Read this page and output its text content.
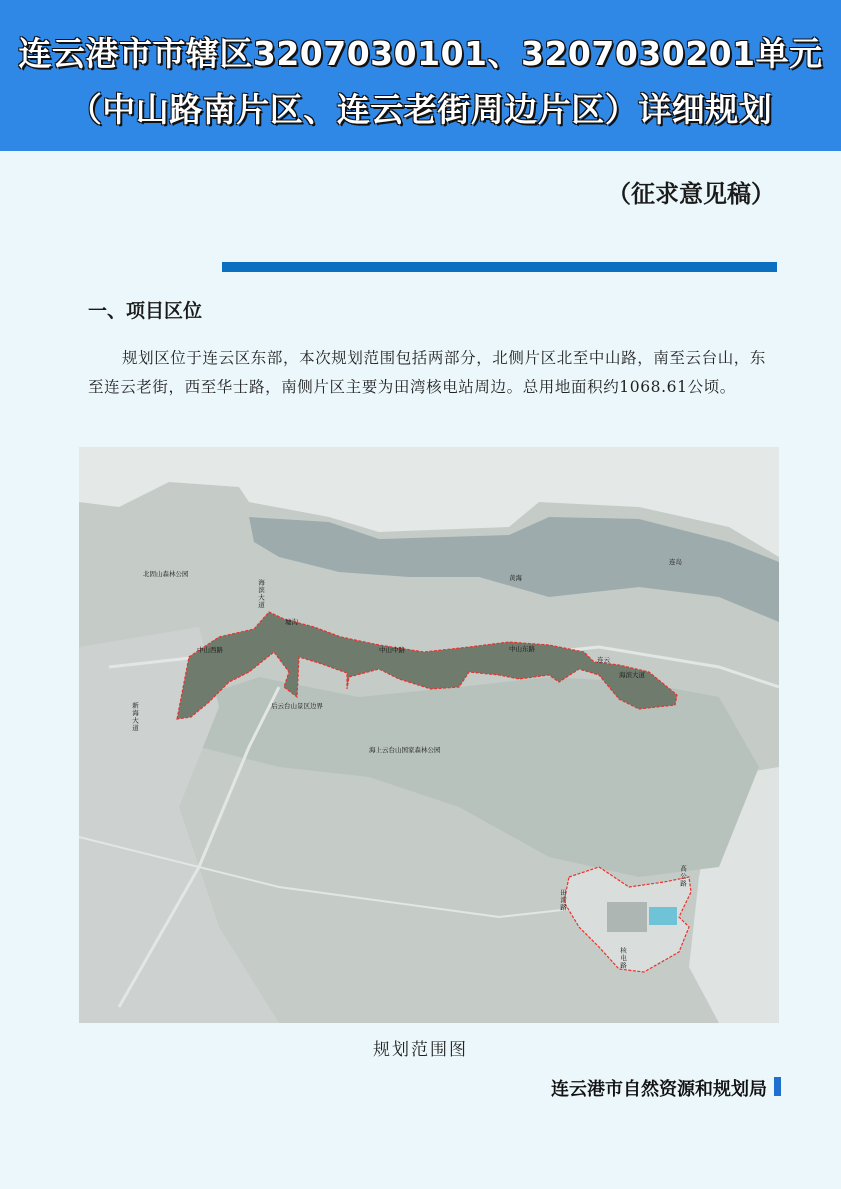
连云港市市辖区3207030101、3207030201单元
（中山路南片区、连云老街周边片区）详细规划
（征求意见稿）
一、项目区位
规划区位于连云区东部，本次规划范围包括两部分，北侧片区北至中山路，南至云台山，东至连云老街，西至华士路，南侧片区主要为田湾核电站周边。总用地面积约1068.61公顷。
北固山森林公园
海滨大道
黄海
连岛
墟沟
中山西路	中山中路	中山东路
连云
海滨大道
后云台山景区边界
海上云台山国家森林公园
新海大道
田湾路
高公路
核电路
规划范围图
连云港市自然资源和规划局
